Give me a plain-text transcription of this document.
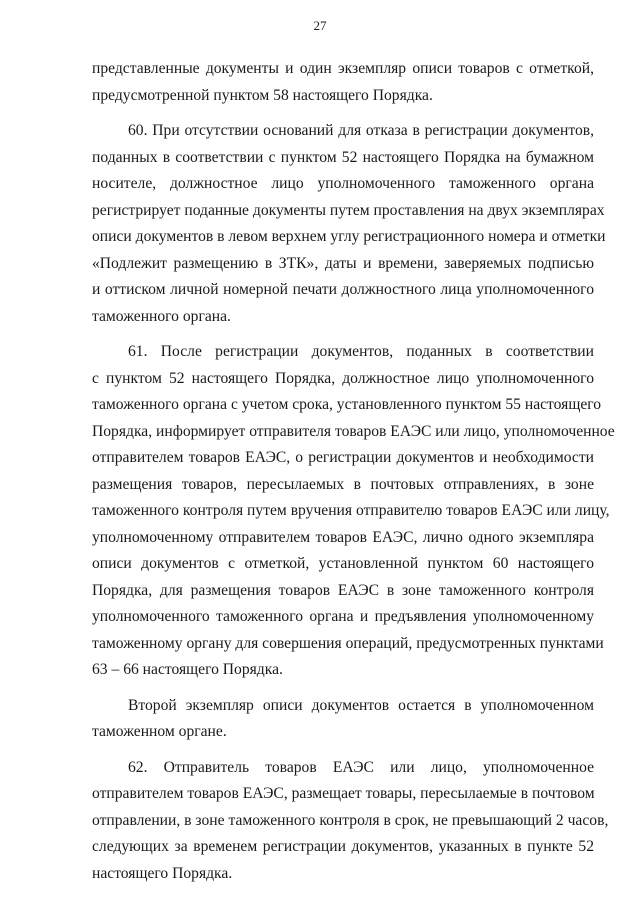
27
представленные документы и один экземпляр описи товаров с отметкой,
предусмотренной пунктом 58 настоящего Порядка.
60. При отсутствии оснований для отказа в регистрации документов,
поданных в соответствии с пунктом 52 настоящего Порядка на бумажном
носителе, должностное лицо уполномоченного таможенного органа
регистрирует поданные документы путем проставления на двух экземплярах
описи документов в левом верхнем углу регистрационного номера и отметки
«Подлежит размещению в ЗТК», даты и времени, заверяемых подписью
и оттиском личной номерной печати должностного лица уполномоченного
таможенного органа.
61. После регистрации документов, поданных в соответствии
с пунктом 52 настоящего Порядка, должностное лицо уполномоченного
таможенного органа с учетом срока, установленного пунктом 55 настоящего
Порядка, информирует отправителя товаров ЕАЭС или лицо, уполномоченное
отправителем товаров ЕАЭС, о регистрации документов и необходимости
размещения товаров, пересылаемых в почтовых отправлениях, в зоне
таможенного контроля путем вручения отправителю товаров ЕАЭС или лицу,
уполномоченному отправителем товаров ЕАЭС, лично одного экземпляра
описи документов с отметкой, установленной пунктом 60 настоящего
Порядка, для размещения товаров ЕАЭС в зоне таможенного контроля
уполномоченного таможенного органа и предъявления уполномоченному
таможенному органу для совершения операций, предусмотренных пунктами
63 – 66 настоящего Порядка.
Второй экземпляр описи документов остается в уполномоченном
таможенном органе.
62. Отправитель товаров ЕАЭС или лицо, уполномоченное
отправителем товаров ЕАЭС, размещает товары, пересылаемые в почтовом
отправлении, в зоне таможенного контроля в срок, не превышающий 2 часов,
следующих за временем регистрации документов, указанных в пункте 52
настоящего Порядка.
